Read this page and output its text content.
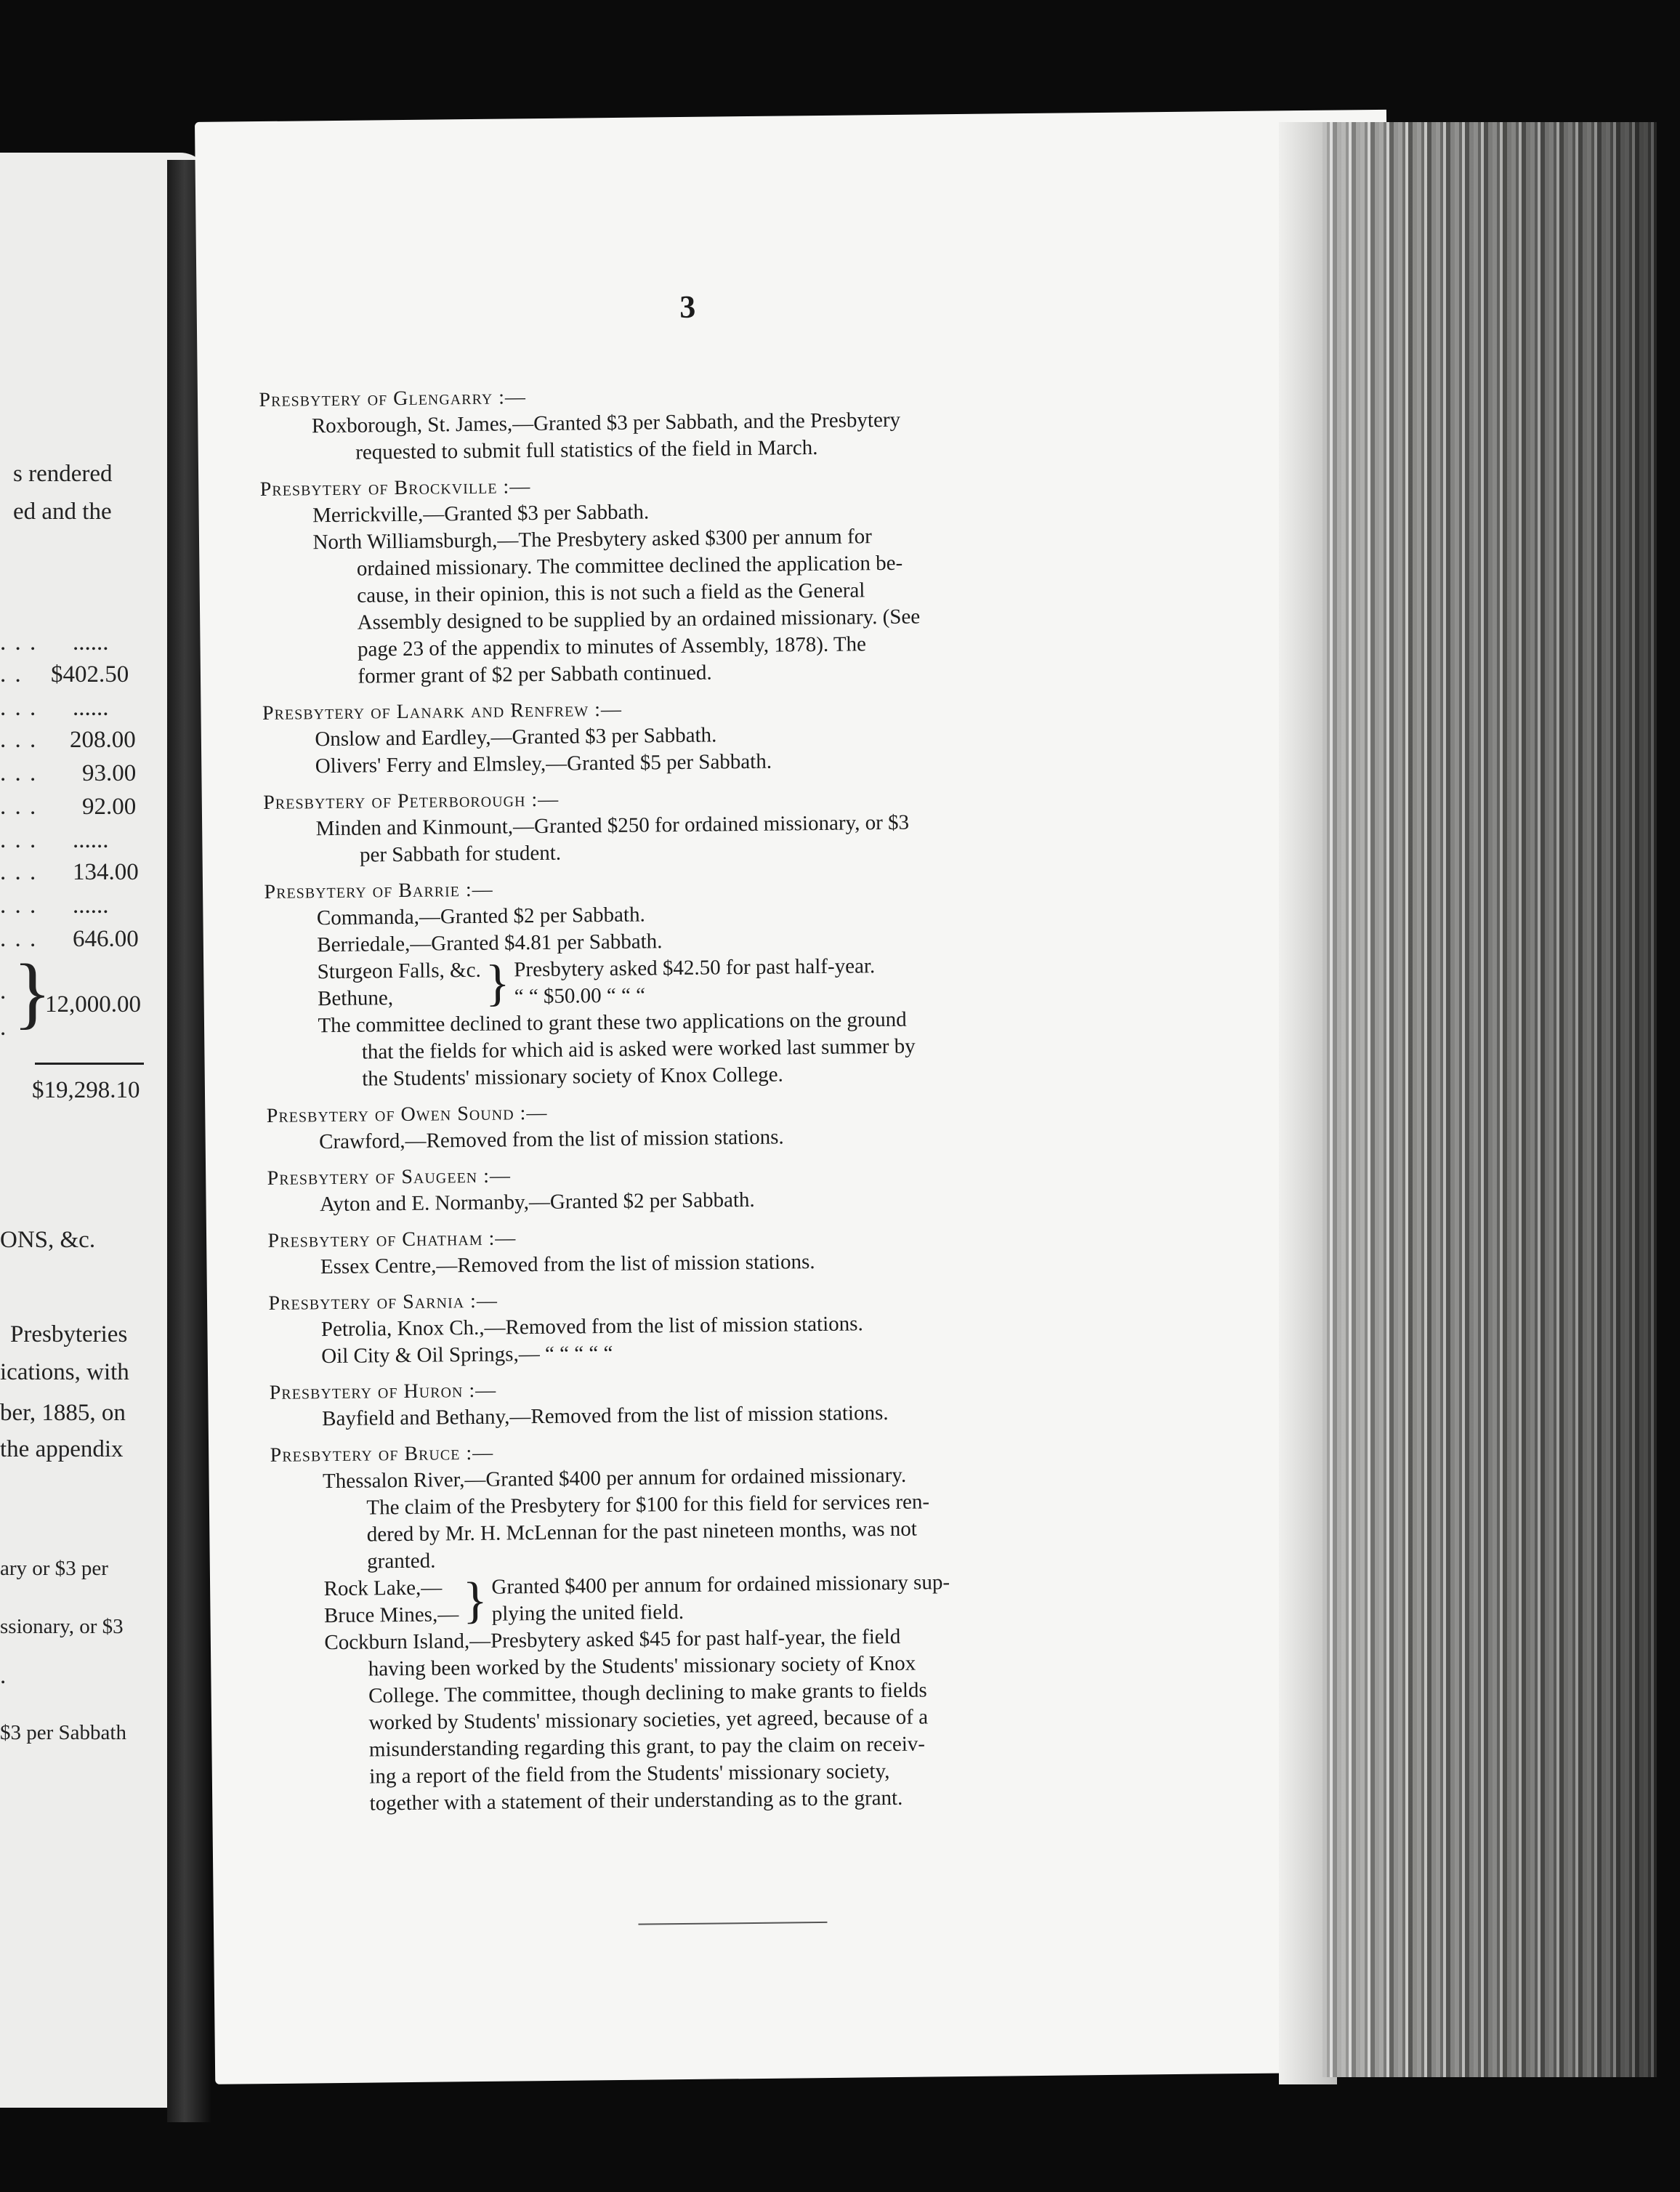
s rendered
ed and the
. . . ......
. . $402.50
. . . ......
. . . 208.00
. . . 93.00
. . . 92.00
. . . ......
. . . 134.00
. . . ......
. . . 646.00
.
. }
12,000.00
$19,298.10
ONS, &c.
Presbyteries
ications, with
ber, 1885, on
the appendix
ary or $3 per
ssionary, or $3
.
$3 per Sabbath
3
Presbytery of Glengarry :—
Roxborough, St. James,—Granted $3 per Sabbath, and the Presbytery
requested to submit full statistics of the field in March.
Presbytery of Brockville :—
Merrickville,—Granted $3 per Sabbath.
North Williamsburgh,—The Presbytery asked $300 per annum for
ordained missionary. The committee declined the application be-
cause, in their opinion, this is not such a field as the General
Assembly designed to be supplied by an ordained missionary. (See
page 23 of the appendix to minutes of Assembly, 1878). The
former grant of $2 per Sabbath continued.
Presbytery of Lanark and Renfrew :—
Onslow and Eardley,—Granted $3 per Sabbath.
Olivers' Ferry and Elmsley,—Granted $5 per Sabbath.
Presbytery of Peterborough :—
Minden and Kinmount,—Granted $250 for ordained missionary, or $3
per Sabbath for student.
Presbytery of Barrie :—
Commanda,—Granted $2 per Sabbath.
Berriedale,—Granted $4.81 per Sabbath.
Sturgeon Falls, &c.
Bethune,	} Presbytery asked $42.50 for past half-year.
“ “ $50.00 “ “ “
The committee declined to grant these two applications on the ground
that the fields for which aid is asked were worked last summer by
the Students' missionary society of Knox College.
Presbytery of Owen Sound :—
Crawford,—Removed from the list of mission stations.
Presbytery of Saugeen :—
Ayton and E. Normanby,—Granted $2 per Sabbath.
Presbytery of Chatham :—
Essex Centre,—Removed from the list of mission stations.
Presbytery of Sarnia :—
Petrolia, Knox Ch.,—Removed from the list of mission stations.
Oil City & Oil Springs,— “ “ “ “ “
Presbytery of Huron :—
Bayfield and Bethany,—Removed from the list of mission stations.
Presbytery of Bruce :—
Thessalon River,—Granted $400 per annum for ordained missionary.
The claim of the Presbytery for $100 for this field for services ren-
dered by Mr. H. McLennan for the past nineteen months, was not
granted.
Rock Lake,—
Bruce Mines,— } Granted $400 per annum for ordained missionary sup-
plying the united field.
Cockburn Island,—Presbytery asked $45 for past half-year, the field
having been worked by the Students' missionary society of Knox
College. The committee, though declining to make grants to fields
worked by Students' missionary societies, yet agreed, because of a
misunderstanding regarding this grant, to pay the claim on receiv-
ing a report of the field from the Students' missionary society,
together with a statement of their understanding as to the grant.
